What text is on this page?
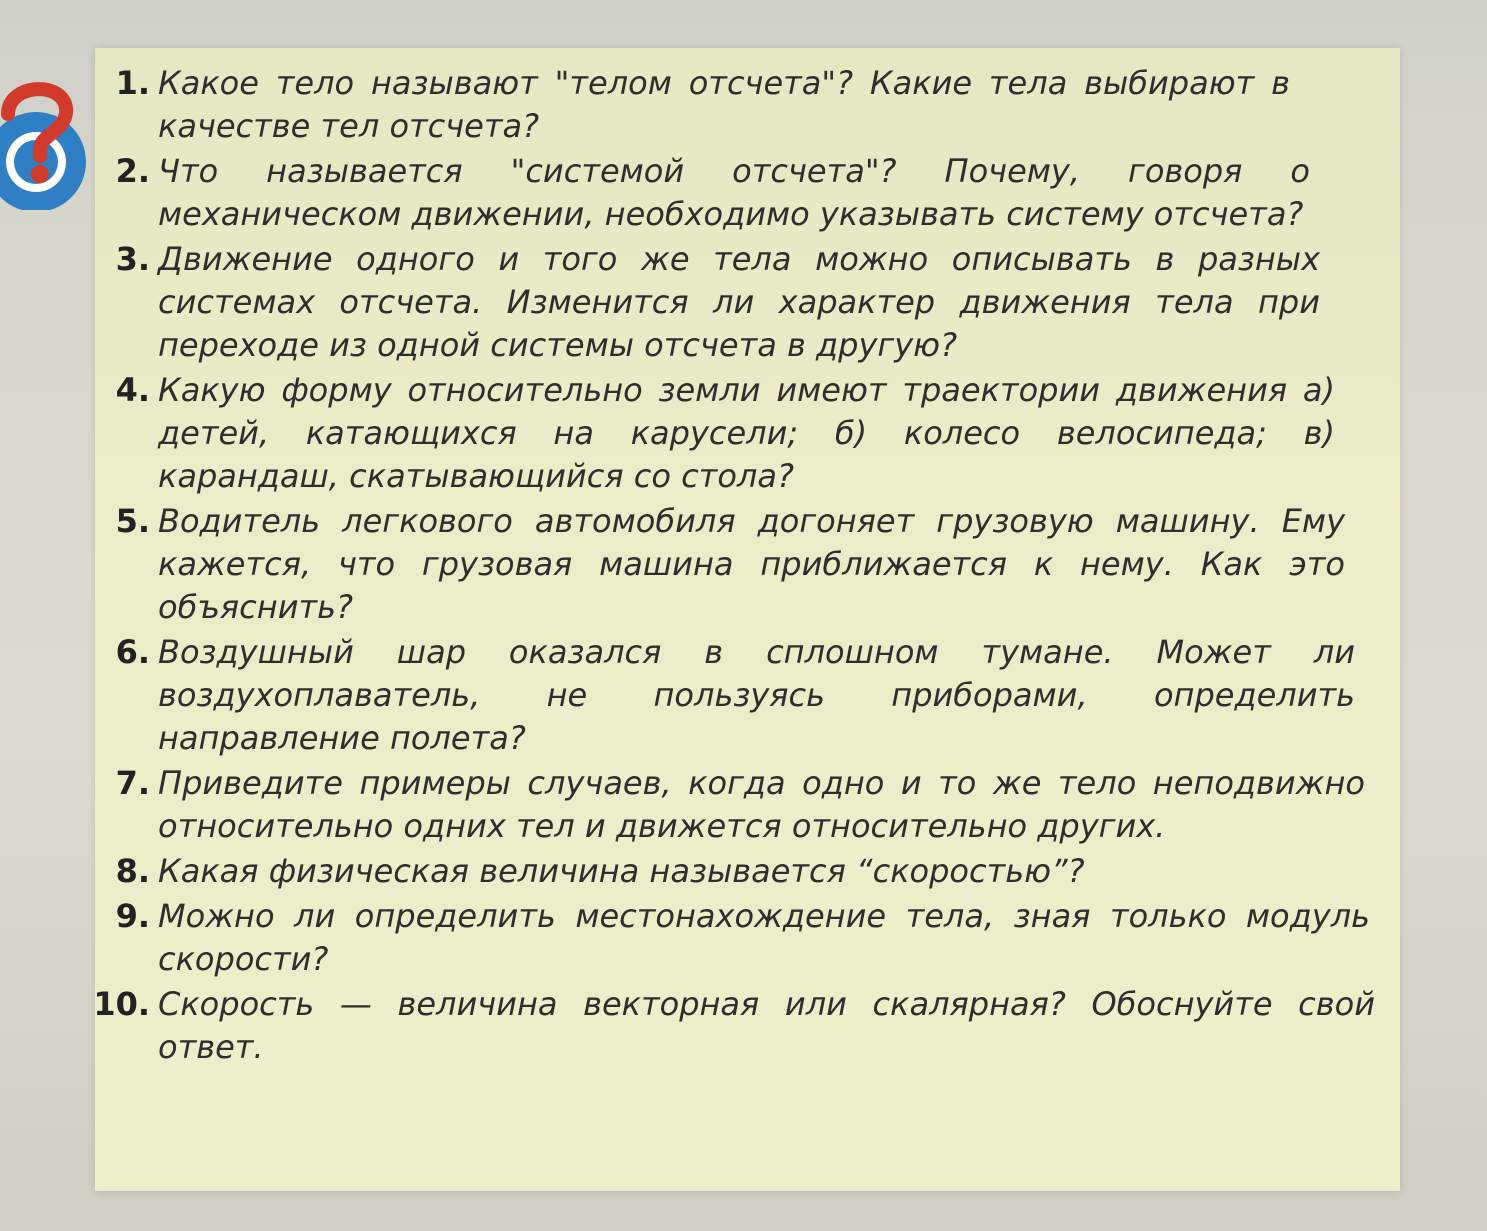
1. Какое тело называют "телом отсчета"? Какие тела выбирают в качестве тел отсчета?
2. Что называется "системой отсчета"? Почему, говоря о механическом движении, необходимо указывать систему отсчета?
3. Движение одного и того же тела можно описывать в разных системах отсчета. Изменится ли характер движения тела при переходе из одной системы отсчета в другую?
4. Какую форму относительно земли имеют траектории движения а) детей, катающихся на карусели; б) колесо велосипеда; в) карандаш, скатывающийся со стола?
5. Водитель легкового автомобиля догоняет грузовую машину. Ему кажется, что грузовая машина приближается к нему. Как это объяснить?
6. Воздушный шар оказался в сплошном тумане. Может ли воздухоплаватель, не пользуясь приборами, определить направление полета?
7. Приведите примеры случаев, когда одно и то же тело неподвижно относительно одних тел и движется относительно других.
8. Какая физическая величина называется “скоростью”?
9. Можно ли определить местонахождение тела, зная только модуль скорости?
10. Скорость — величина векторная или скалярная? Обоснуйте свой ответ.
